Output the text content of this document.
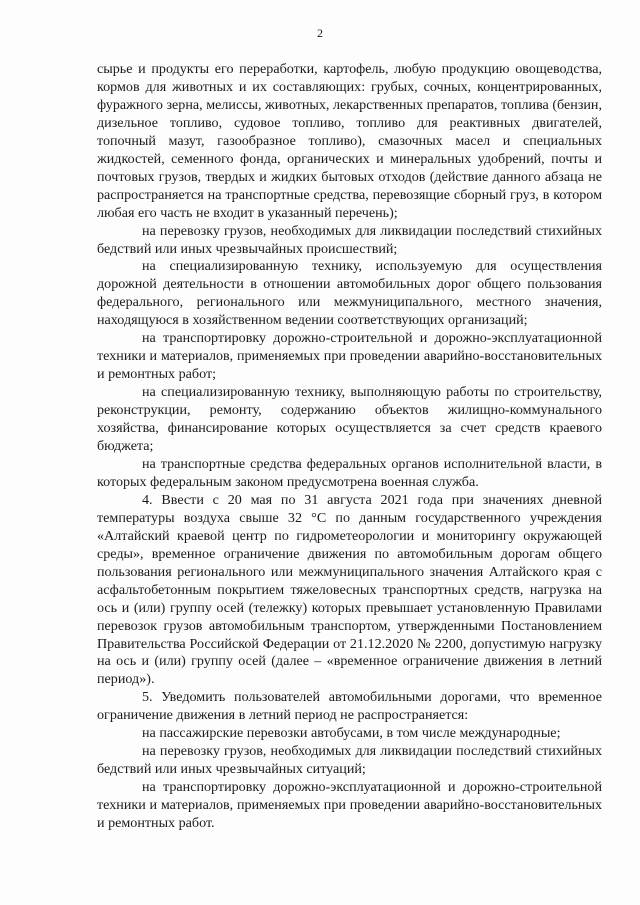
2

сырье и продукты его переработки, картофель, любую продукцию овощеводства, кормов для животных и их составляющих: грубых, сочных, концентрированных, фуражного зерна, мелиссы, животных, лекарственных препаратов, топлива (бензин, дизельное топливо, судовое топливо, топливо для реактивных двигателей, топочный мазут, газообразное топливо), смазочных масел и специальных жидкостей, семенного фонда, органических и минеральных удобрений, почты и почтовых грузов, твердых и жидких бытовых отходов (действие данного абзаца не распространяется на транспортные средства, перевозящие сборный груз, в котором любая его часть не входит в указанный перечень);

на перевозку грузов, необходимых для ликвидации последствий стихийных бедствий или иных чрезвычайных происшествий;

на специализированную технику, используемую для осуществления дорожной деятельности в отношении автомобильных дорог общего пользования федерального, регионального или межмуниципального, местного значения, находящуюся в хозяйственном ведении соответствующих организаций;

на транспортировку дорожно-строительной и дорожно-эксплуатационной техники и материалов, применяемых при проведении аварийно-восстановительных и ремонтных работ;

на специализированную технику, выполняющую работы по строительству, реконструкции, ремонту, содержанию объектов жилищно-коммунального хозяйства, финансирование которых осуществляется за счет средств краевого бюджета;

на транспортные средства федеральных органов исполнительной власти, в которых федеральным законом предусмотрена военная служба.

4. Ввести с 20 мая по 31 августа 2021 года при значениях дневной температуры воздуха свыше 32 °С по данным государственного учреждения «Алтайский краевой центр по гидрометеорологии и мониторингу окружающей среды», временное ограничение движения по автомобильным дорогам общего пользования регионального или межмуниципального значения Алтайского края с асфальтобетонным покрытием тяжеловесных транспортных средств, нагрузка на ось и (или) группу осей (тележку) которых превышает установленную Правилами перевозок грузов автомобильным транспортом, утвержденными Постановлением Правительства Российской Федерации от 21.12.2020 № 2200, допустимую нагрузку на ось и (или) группу осей (далее – «временное ограничение движения в летний период»).

5. Уведомить пользователей автомобильными дорогами, что временное ограничение движения в летний период не распространяется:

на пассажирские перевозки автобусами, в том числе международные;

на перевозку грузов, необходимых для ликвидации последствий стихийных бедствий или иных чрезвычайных ситуаций;

на транспортировку дорожно-эксплуатационной и дорожно-строительной техники и материалов, применяемых при проведении аварийно-восстановительных и ремонтных работ.
